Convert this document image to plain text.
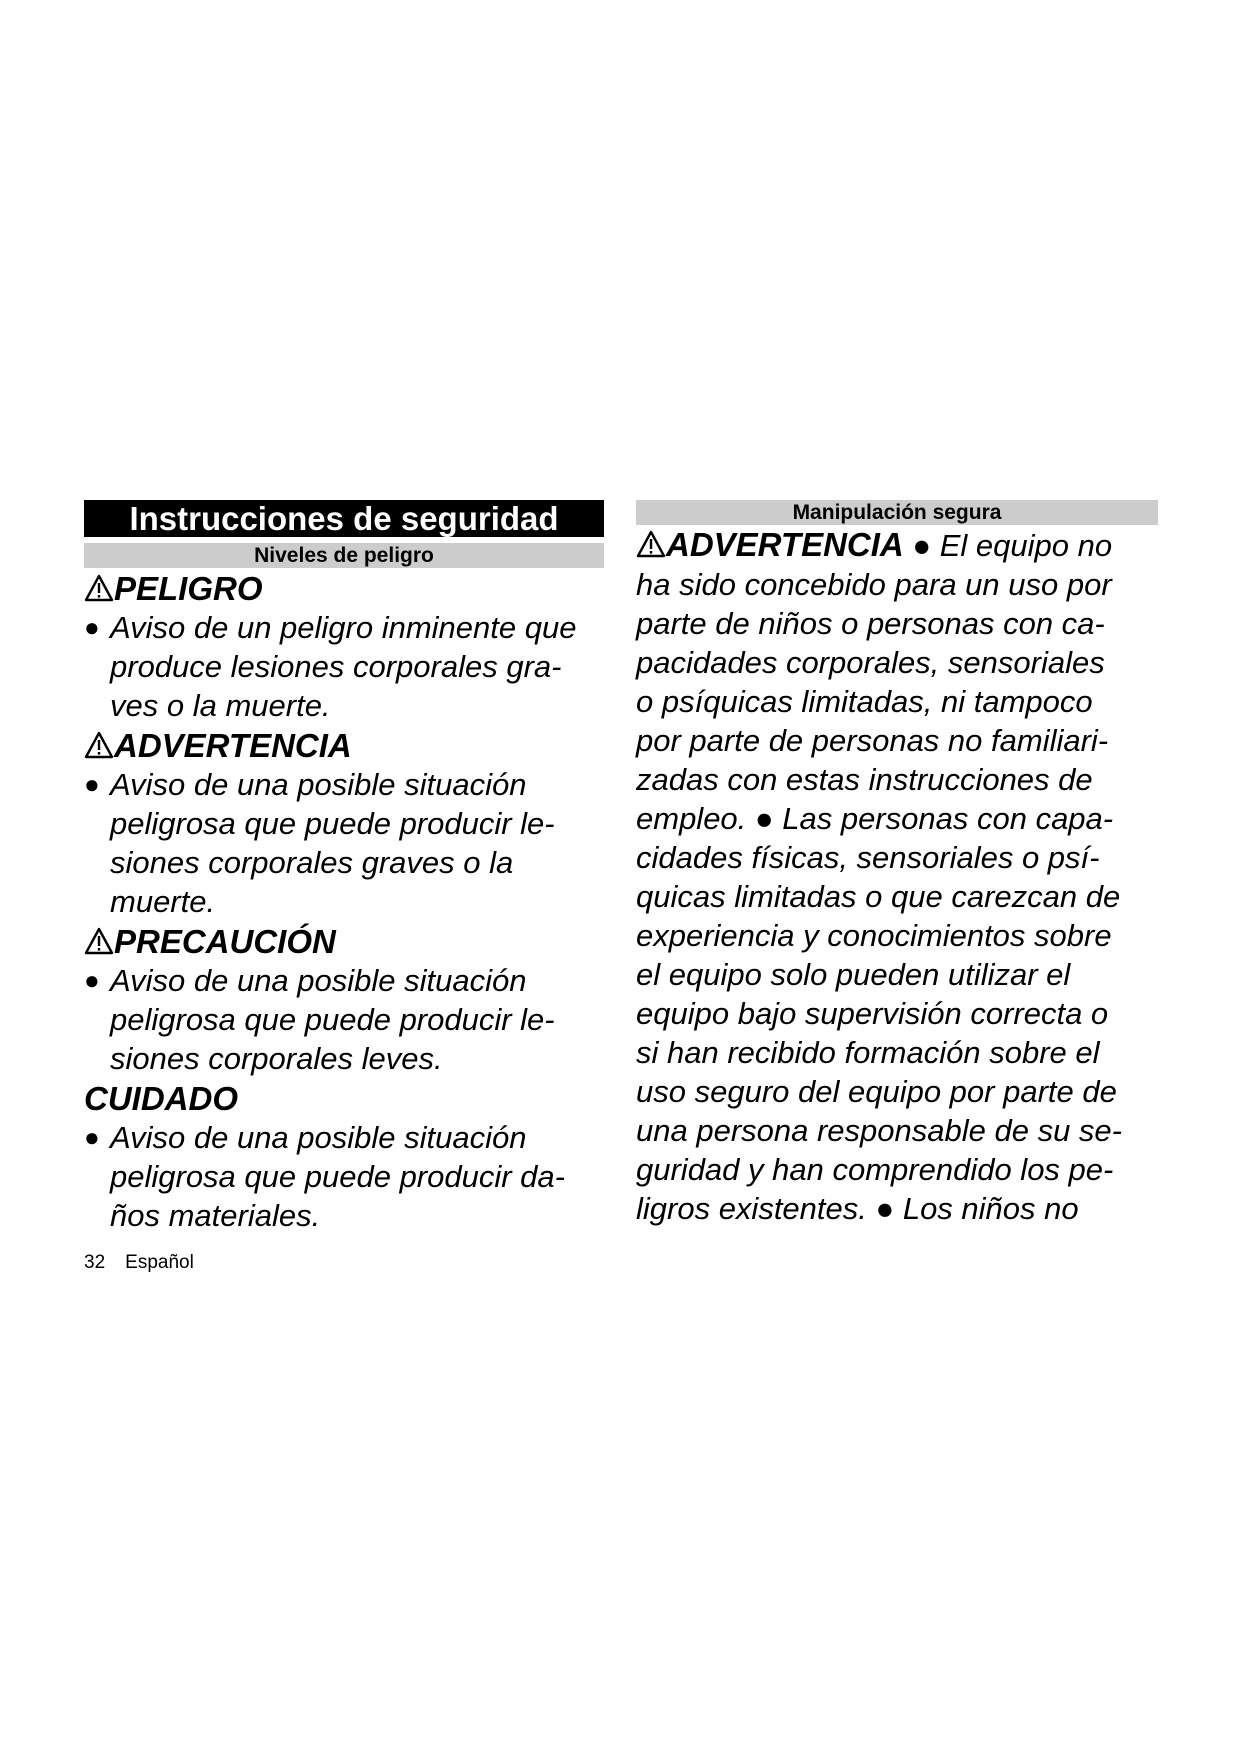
Instrucciones de seguridad
Niveles de peligro
PELIGRO
● Aviso de un peligro inminente que
produce lesiones corporales gra-
ves o la muerte.
ADVERTENCIA
● Aviso de una posible situación
peligrosa que puede producir le-
siones corporales graves o la
muerte.
PRECAUCIÓN
● Aviso de una posible situación
peligrosa que puede producir le-
siones corporales leves.
CUIDADO
● Aviso de una posible situación
peligrosa que puede producir da-
ños materiales.
Manipulación segura
ADVERTENCIA ● El equipo no
ha sido concebido para un uso por
parte de niños o personas con ca-
pacidades corporales, sensoriales
o psíquicas limitadas, ni tampoco
por parte de personas no familiari-
zadas con estas instrucciones de
empleo. ● Las personas con capa-
cidades físicas, sensoriales o psí-
quicas limitadas o que carezcan de
experiencia y conocimientos sobre
el equipo solo pueden utilizar el
equipo bajo supervisión correcta o
si han recibido formación sobre el
uso seguro del equipo por parte de
una persona responsable de su se-
guridad y han comprendido los pe-
ligros existentes. ● Los niños no
32 Español
